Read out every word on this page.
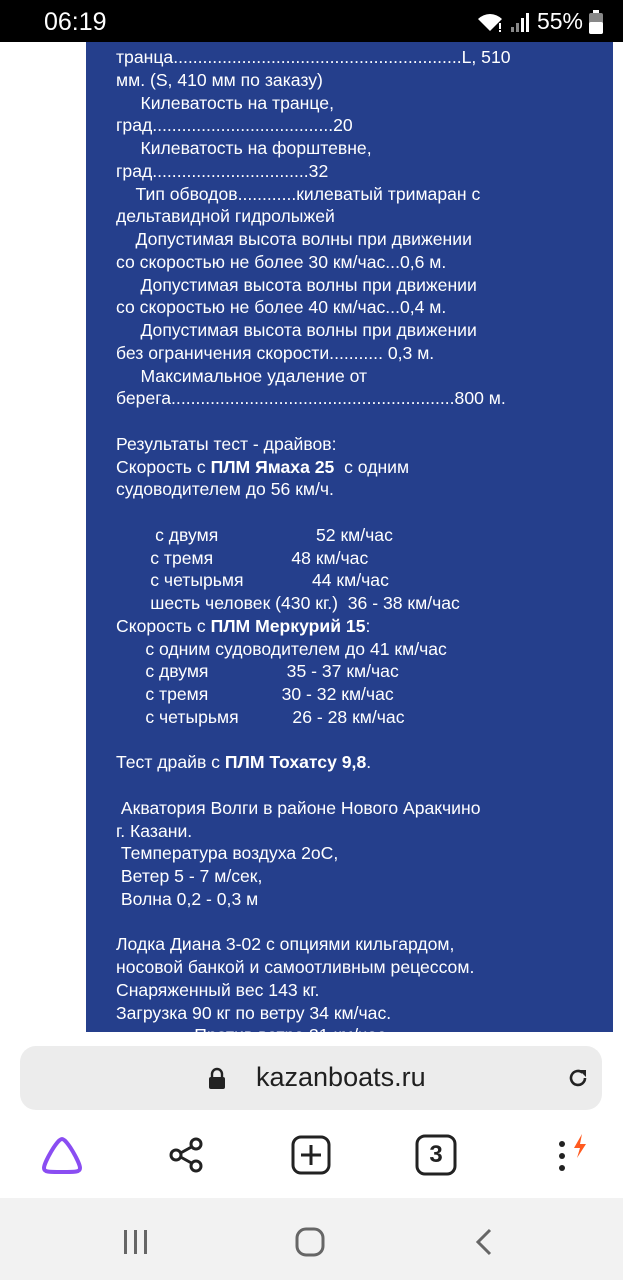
06:19	55%
транца...........................................................L, 510
мм. (S, 410 мм по заказу)
Килеватость на транце,
град.....................................20
Килеватость на форштевне,
град................................32
Тип обводов............килеватый тримаран с
дельтавидной гидролыжей
Допустимая высота волны при движении
со скоростью не более 30 км/час...0,6 м.
Допустимая высота волны при движении
со скоростью не более 40 км/час...0,4 м.
Допустимая высота волны при движении
без ограничения скорости........... 0,3 м.
Максимальное удаление от
берега..........................................................800 м.
Результаты тест - драйвов:
Скорость с ПЛМ Ямаха 25  с одним
судоводителем до 56 км/ч.
с двумя                    52 км/час
с тремя                48 км/час
с четырьмя              44 км/час
шесть человек (430 кг.)  36 - 38 км/час
Скорость с ПЛМ Меркурий 15:
с одним судоводителем до 41 км/час
с двумя                35 - 37 км/час
с тремя               30 - 32 км/час
с четырьмя           26 - 28 км/час
Тест драйв с ПЛМ Тохатсу 9,8.
Акватория Волги в районе Нового Аракчино
г. Казани.
Температура воздуха 2оС,
Ветер 5 - 7 м/сек,
Волна 0,2 - 0,3 м
Лодка Диана 3-02 с опциями кильгардом,
носовой банкой и самоотливным рецессом.
Снаряженный вес 143 кг.
Загрузка 90 кг по ветру 34 км/час.
kazanboats.ru
3
